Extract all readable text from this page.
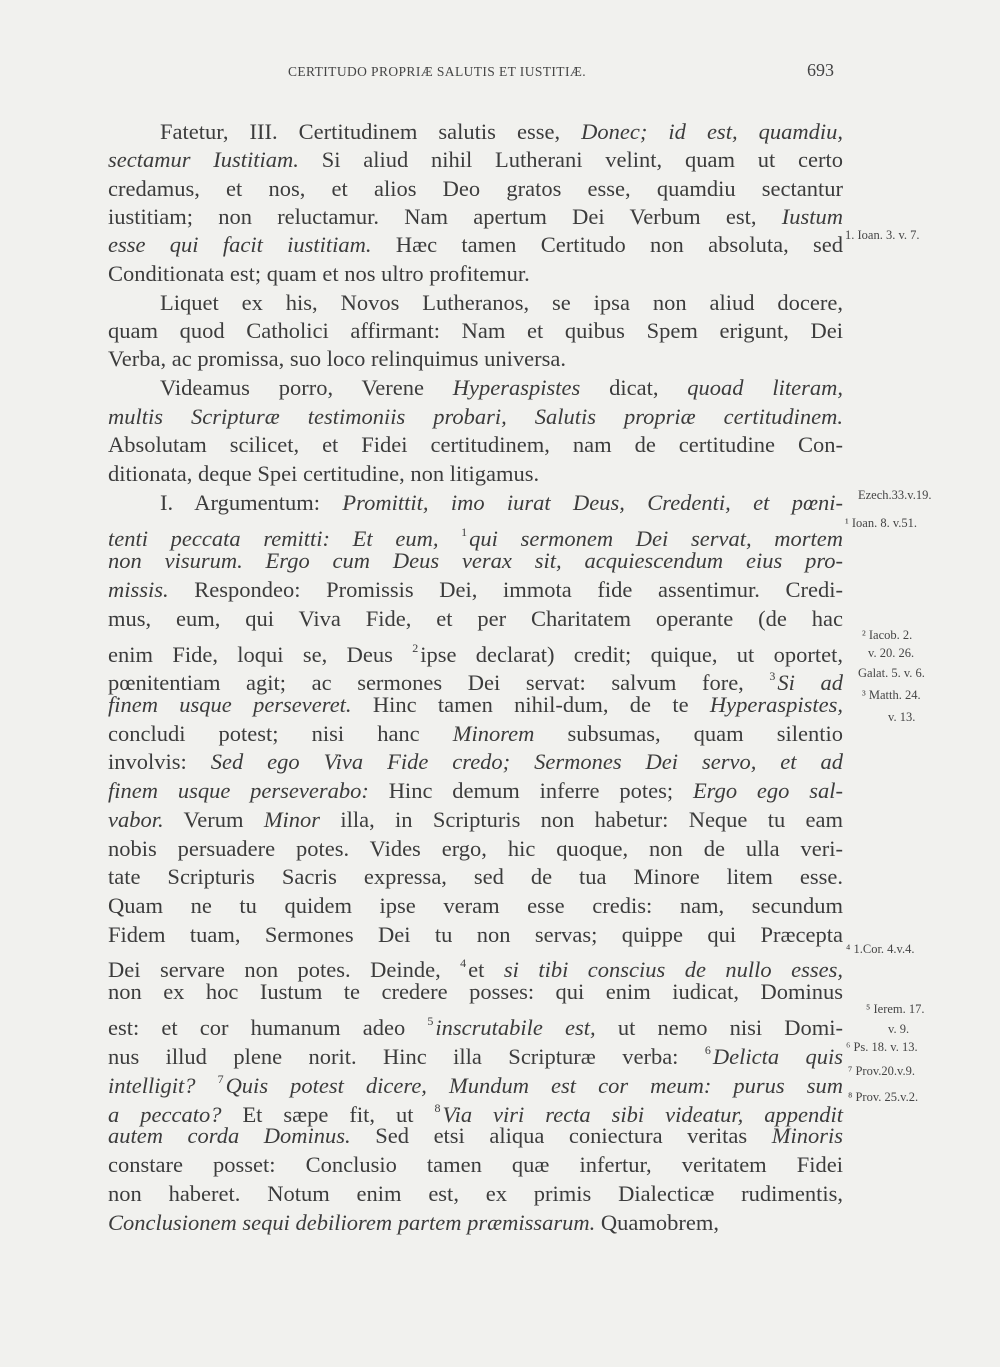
CERTITUDO PROPRIÆ SALUTIS ET IUSTITIÆ.	693
Fatetur, III. Certitudinem salutis esse, Donec; id est, quamdiu,
sectamur Iustitiam. Si aliud nihil Lutherani velint, quam ut certo
credamus, et nos, et alios Deo gratos esse, quamdiu sectantur
iustitiam; non reluctamur. Nam apertum Dei Verbum est, Iustum
esse qui facit iustitiam. Hæc tamen Certitudo non absoluta, sed
Conditionata est; quam et nos ultro profitemur.
Liquet ex his, Novos Lutheranos, se ipsa non aliud docere,
quam quod Catholici affirmant: Nam et quibus Spem erigunt, Dei
Verba, ac promissa, suo loco relinquimus universa.
Videamus porro, Verene Hyperaspistes dicat, quoad literam,
multis Scripturæ testimoniis probari, Salutis propriæ certitudinem.
Absolutam scilicet, et Fidei certitudinem, nam de certitudine Con-
ditionata, deque Spei certitudine, non litigamus.
I. Argumentum: Promittit, imo iurat Deus, Credenti, et pœni-
tenti peccata remitti: Et eum, $^1$qui sermonem Dei servat, mortem
non visurum. Ergo cum Deus verax sit, acquiescendum eius pro-
missis. Respondeo: Promissis Dei, immota fide assentimur. Credi-
mus, eum, qui Viva Fide, et per Charitatem operante (de hac
enim Fide, loqui se, Deus $^2$ipse declarat) credit; quique, ut oportet,
pœnitentiam agit; ac sermones Dei servat: salvum fore, $^3$Si ad
finem usque perseveret. Hinc tamen nihil-dum, de te Hyperaspistes,
concludi potest; nisi hanc Minorem subsumas, quam silentio
involvis: Sed ego Viva Fide credo; Sermones Dei servo, et ad
finem usque perseverabo: Hinc demum inferre potes; Ergo ego sal-
vabor. Verum Minor illa, in Scripturis non habetur: Neque tu eam
nobis persuadere potes. Vides ergo, hic quoque, non de ulla veri-
tate Scripturis Sacris expressa, sed de tua Minore litem esse.
Quam ne tu quidem ipse veram esse credis: nam, secundum
Fidem tuam, Sermones Dei tu non servas; quippe qui Præcepta
Dei servare non potes. Deinde, $^4$et si tibi conscius de nullo esses,
non ex hoc Iustum te credere posses: qui enim iudicat, Dominus
est: et cor humanum adeo $^5$inscrutabile est, ut nemo nisi Domi-
nus illud plene norit. Hinc illa Scripturæ verba: $^6$Delicta quis
intelligit? $^7$Quis potest dicere, Mundum est cor meum: purus sum
a peccato? Et sæpe fit, ut $^8$Via viri recta sibi videatur, appendit
autem corda Dominus. Sed etsi aliqua coniectura veritas Minoris
constare posset: Conclusio tamen quæ infertur, veritatem Fidei
non haberet. Notum enim est, ex primis Dialecticæ rudimentis,
Conclusionem sequi debiliorem partem præmissarum. Quamobrem,
1. Ioan. 3. v. 7.
Ezech.33.v.19.
¹ Ioan. 8. v.51.
² Iacob. 2.
v. 20. 26.
Galat. 5. v. 6.
³ Matth. 24.
v. 13.
⁴ 1.Cor. 4.v.4.
⁵ Ierem. 17.
v. 9.
⁶ Ps. 18. v. 13.
⁷ Prov.20.v.9.
⁸ Prov. 25.v.2.
